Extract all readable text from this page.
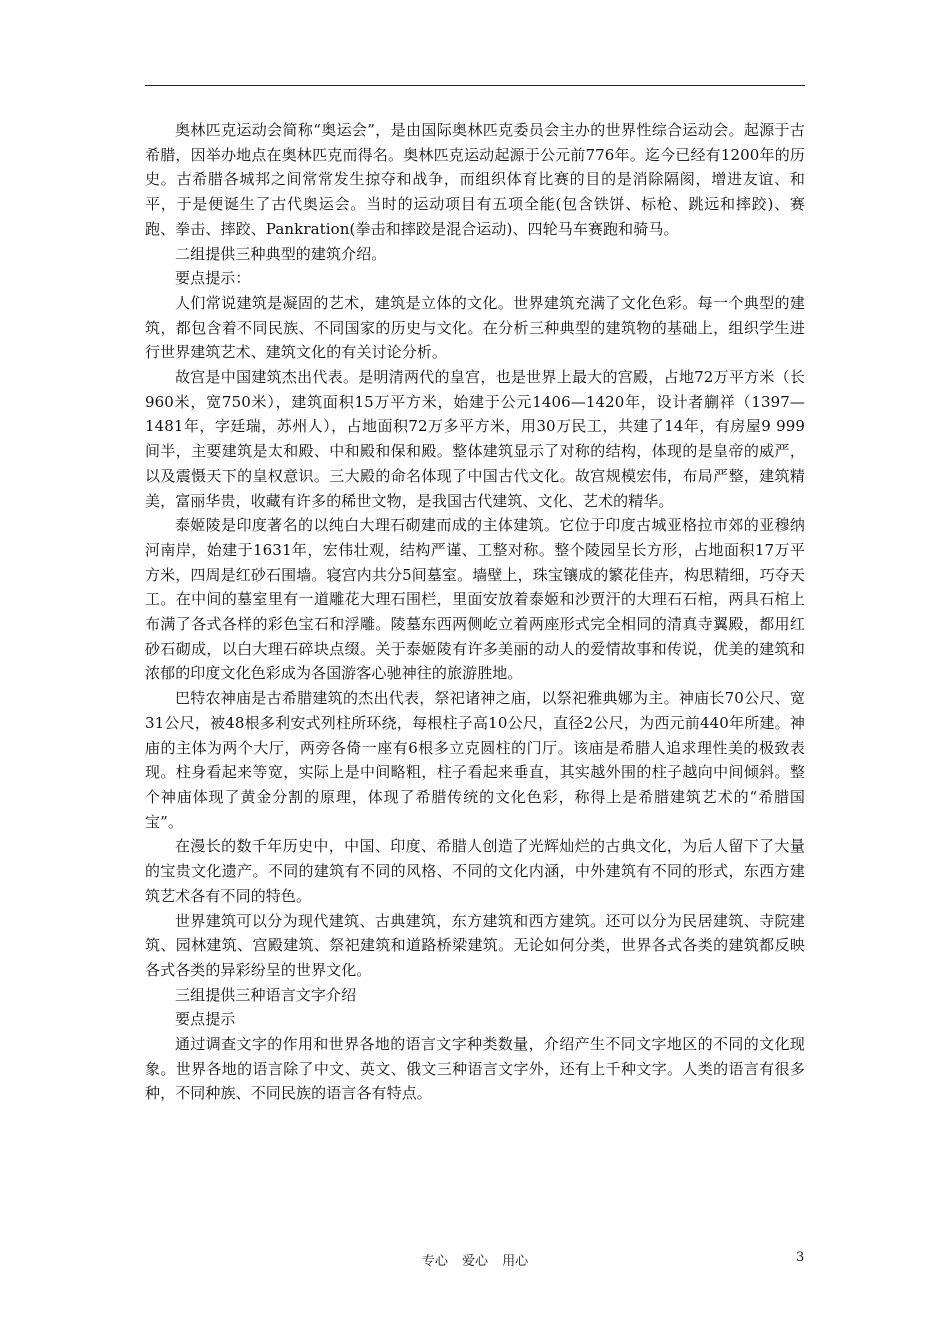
奥林匹克运动会简称“奥运会”，是由国际奥林匹克委员会主办的世界性综合运动会。起源于古希腊，因举办地点在奥林匹克而得名。奥林匹克运动起源于公元前776年。迄今已经有1200年的历史。古希腊各城邦之间常常发生掠夺和战争，而组织体育比赛的目的是消除隔阂，增进友谊、和平，于是便诞生了古代奥运会。当时的运动项目有五项全能(包含铁饼、标枪、跳远和摔跤)、赛跑、拳击、摔跤、Pankration(拳击和摔跤是混合运动)、四轮马车赛跑和骑马。

二组提供三种典型的建筑介绍。

要点提示：

人们常说建筑是凝固的艺术，建筑是立体的文化。世界建筑充满了文化色彩。每一个典型的建筑，都包含着不同民族、不同国家的历史与文化。在分析三种典型的建筑物的基础上，组织学生进行世界建筑艺术、建筑文化的有关讨论分析。

故宫是中国建筑杰出代表。是明清两代的皇宫，也是世界上最大的宫殿，占地72万平方米（长960米，宽750米），建筑面积15万平方米，始建于公元1406—1420年，设计者蒯祥（1397—1481年，字廷瑞，苏州人），占地面积72万多平方米，用30万民工，共建了14年，有房屋9 999间半，主要建筑是太和殿、中和殿和保和殿。整体建筑显示了对称的结构，体现的是皇帝的威严，以及震慑天下的皇权意识。三大殿的命名体现了中国古代文化。故宫规模宏伟，布局严整，建筑精美，富丽华贵，收藏有许多的稀世文物，是我国古代建筑、文化、艺术的精华。

泰姬陵是印度著名的以纯白大理石砌建而成的主体建筑。它位于印度古城亚格拉市郊的亚穆纳河南岸，始建于1631年，宏伟壮观，结构严谨、工整对称。整个陵园呈长方形，占地面积17万平方米，四周是红砂石围墙。寝宫内共分5间墓室。墙壁上，珠宝镶成的繁花佳卉，构思精细，巧夺天工。在中间的墓室里有一道雕花大理石围栏，里面安放着泰姬和沙贾汗的大理石石棺，两具石棺上布满了各式各样的彩色宝石和浮雕。陵墓东西两侧屹立着两座形式完全相同的清真寺翼殿，都用红砂石砌成，以白大理石碎块点缀。关于泰姬陵有许多美丽的动人的爱情故事和传说，优美的建筑和浓郁的印度文化色彩成为各国游客心驰神往的旅游胜地。

巴特农神庙是古希腊建筑的杰出代表，祭祀诸神之庙，以祭祀雅典娜为主。神庙长70公尺、宽31公尺，被48根多利安式列柱所环绕，每根柱子高10公尺，直径2公尺，为西元前440年所建。神庙的主体为两个大厅，两旁各倚一座有6根多立克圆柱的门厅。该庙是希腊人追求理性美的极致表现。柱身看起来等宽，实际上是中间略粗，柱子看起来垂直，其实越外围的柱子越向中间倾斜。整个神庙体现了黄金分割的原理，体现了希腊传统的文化色彩，称得上是希腊建筑艺术的“希腊国宝”。

在漫长的数千年历史中，中国、印度、希腊人创造了光辉灿烂的古典文化，为后人留下了大量的宝贵文化遗产。不同的建筑有不同的风格、不同的文化内涵，中外建筑有不同的形式，东西方建筑艺术各有不同的特色。

世界建筑可以分为现代建筑、古典建筑，东方建筑和西方建筑。还可以分为民居建筑、寺院建筑、园林建筑、宫殿建筑、祭祀建筑和道路桥梁建筑。无论如何分类，世界各式各类的建筑都反映各式各类的异彩纷呈的世界文化。

三组提供三种语言文字介绍

要点提示

通过调查文字的作用和世界各地的语言文字种类数量，介绍产生不同文字地区的不同的文化现象。世界各地的语言除了中文、英文、俄文三种语言文字外，还有上千种文字。人类的语言有很多种，不同种族、不同民族的语言各有特点。

专心 爱心 用心	3
